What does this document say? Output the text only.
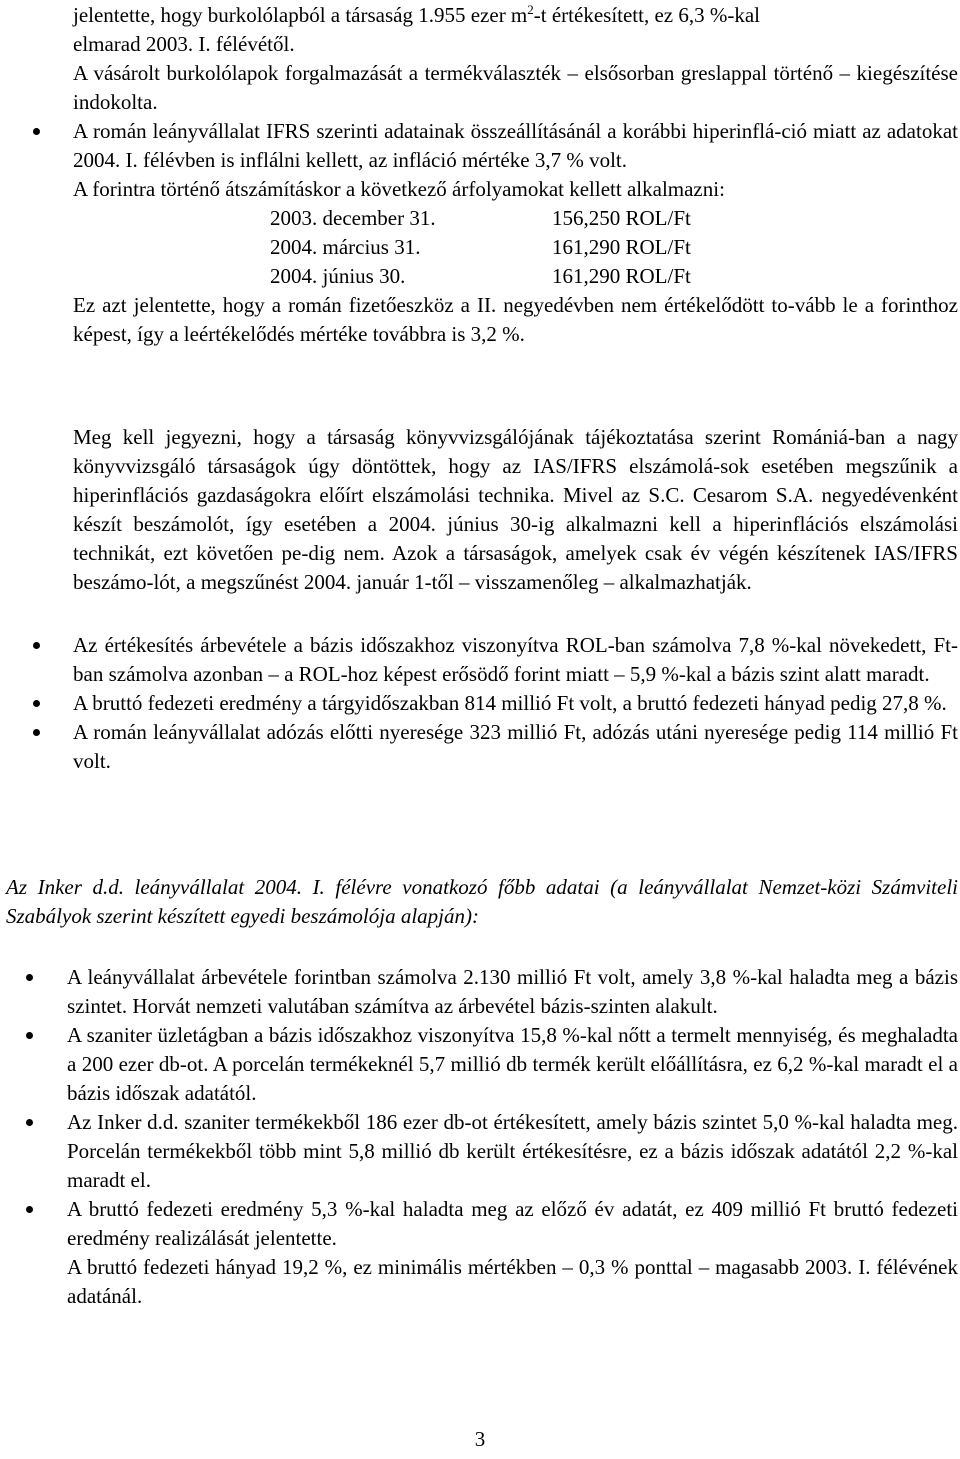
jelentette, hogy burkolólapból a társaság 1.955 ezer $m^2-t$ értékesített, ez 6,3 %-kal

elmarad 2003. I. félévétől.

A vásárolt burkolólapok forgalmazását a termékválaszték – elsősorban greslappal történő – kiegészítése indokolta.

A román leányvállalat IFRS szerinti adatainak összeállításánál a korábbi hiperinflá-ció miatt az adatokat 2004. I. félévben is inflálni kellett, az infláció mértéke 3,7 % volt.

A forintra történő átszámításkor a következő árfolyamokat kellett alkalmazni:

2003. december 31.	156,250 ROL/Ft
2004. március 31.	161,290 ROL/Ft
2004. június 30.	161,290 ROL/Ft

Ez azt jelentette, hogy a román fizetőeszköz a II. negyedévben nem értékelődött to-vább le a forinthoz képest, így a leértékelődés mértéke továbbra is 3,2 %.

Meg kell jegyezni, hogy a társaság könyvvizsgálójának tájékoztatása szerint Romániá-ban a nagy könyvvizsgáló társaságok úgy döntöttek, hogy az IAS/IFRS elszámolá-sok esetében megszűnik a hiperinflációs gazdaságokra előírt elszámolási technika. Mivel az S.C. Cesarom S.A. negyedévenként készít beszámolót, így esetében a 2004. június 30-ig alkalmazni kell a hiperinflációs elszámolási technikát, ezt követően pe-dig nem. Azok a társaságok, amelyek csak év végén készítenek IAS/IFRS beszámo-lót, a megszűnést 2004. január 1-től – visszamenőleg – alkalmazhatják.

Az értékesítés árbevétele a bázis időszakhoz viszonyítva ROL-ban számolva 7,8 %-kal növekedett, Ft-ban számolva azonban – a ROL-hoz képest erősödő forint miatt – 5,9 %-kal a bázis szint alatt maradt.

A bruttó fedezeti eredmény a tárgyidőszakban 814 millió Ft volt, a bruttó fedezeti hányad pedig 27,8 %.

A román leányvállalat adózás előtti nyeresége 323 millió Ft, adózás utáni nyeresége pedig 114 millió Ft volt.

Az Inker d.d. leányvállalat 2004. I. félévre vonatkozó főbb adatai (a leányvállalat Nemzet-közi Számviteli Szabályok szerint készített egyedi beszámolója alapján):

A leányvállalat árbevétele forintban számolva 2.130 millió Ft volt, amely 3,8 %-kal haladta meg a bázis szintet. Horvát nemzeti valutában számítva az árbevétel bázis-szinten alakult.

A szaniter üzletágban a bázis időszakhoz viszonyítva 15,8 %-kal nőtt a termelt mennyiség, és meghaladta a 200 ezer db-ot. A porcelán termékeknél 5,7 millió db termék került előállításra, ez 6,2 %-kal maradt el a bázis időszak adatától.

Az Inker d.d. szaniter termékekből 186 ezer db-ot értékesített, amely bázis szintet 5,0 %-kal haladta meg. Porcelán termékekből több mint 5,8 millió db került értékesítésre, ez a bázis időszak adatától 2,2 %-kal maradt el.

A bruttó fedezeti eredmény 5,3 %-kal haladta meg az előző év adatát, ez 409 millió Ft bruttó fedezeti eredmény realizálását jelentette.

A bruttó fedezeti hányad 19,2 %, ez minimális mértékben – 0,3 % ponttal – magasabb 2003. I. félévének adatánál.

3
